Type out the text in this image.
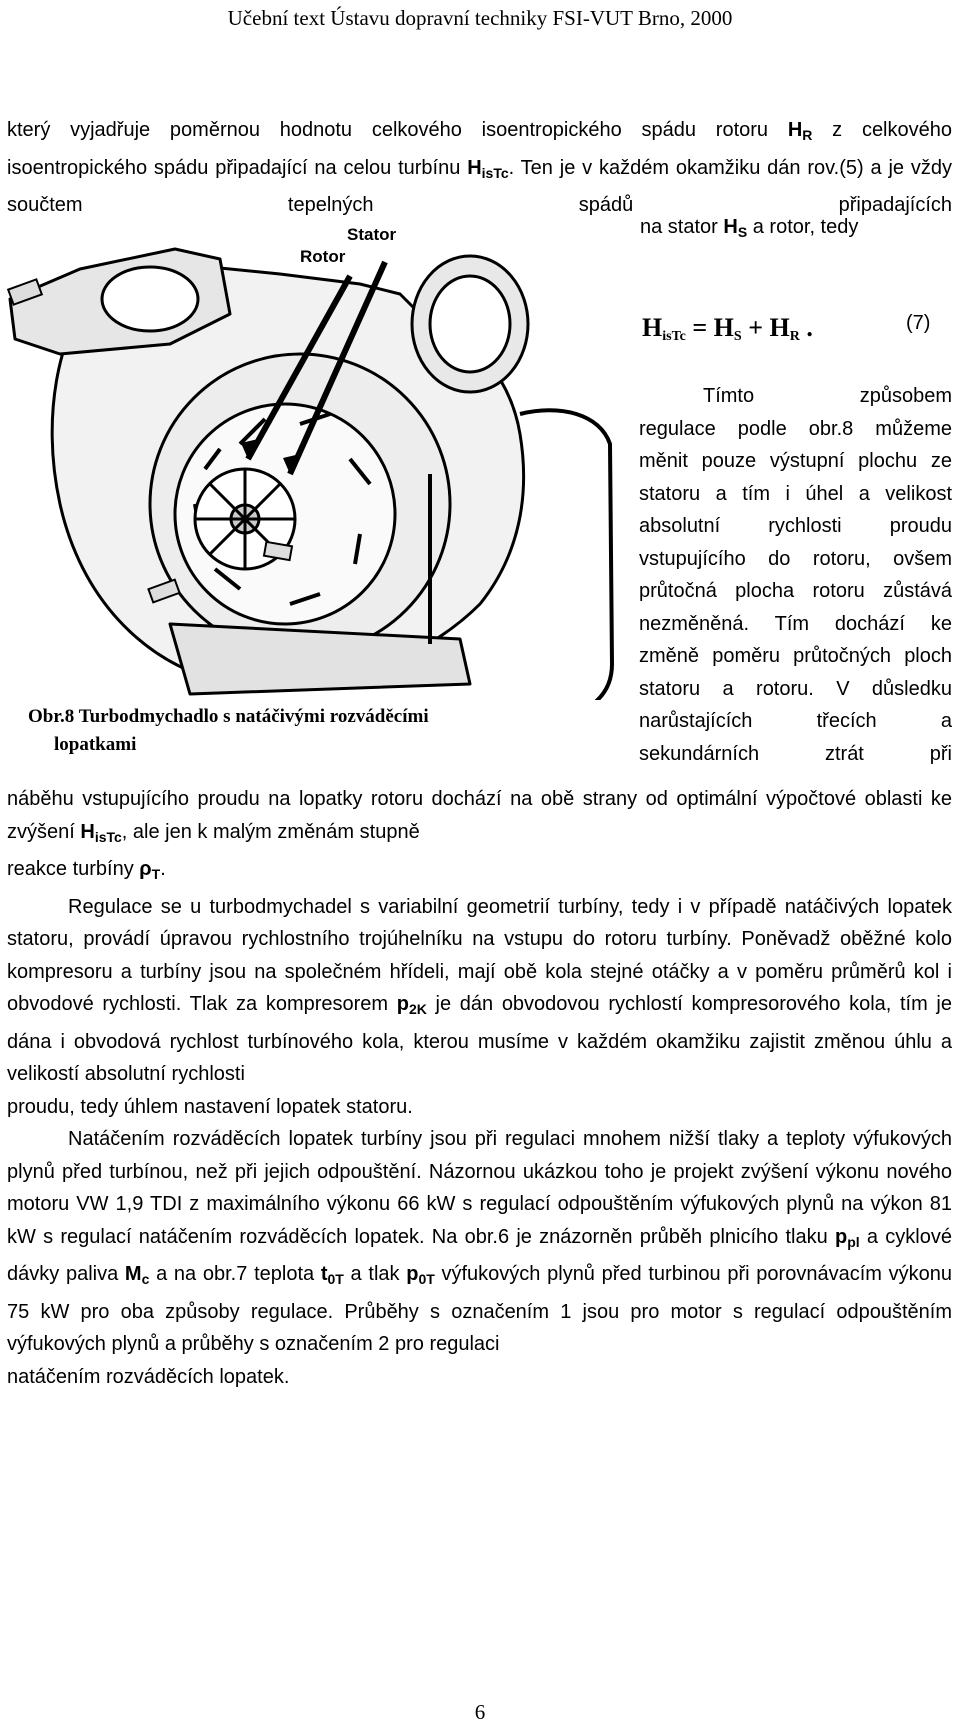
Učební text Ústavu dopravní techniky FSI-VUT Brno, 2000
který vyjadřuje poměrnou hodnotu celkového isoentropického spádu rotoru $H_R$ z celkového isoentropického spádu připadající na celou turbínu $H_{isTc}$. Ten je v každém okamžiku dán rov.(5) a je vždy součtem tepelných spádů připadajících
na stator $H_S$ a rotor, tedy
$H_{isTc} = H_S + H_R$ .	(7)
Tímto způsobem
regulace podle obr.8 můžeme měnit pouze výstupní plochu ze statoru a tím i úhel a velikost absolutní rychlosti proudu vstupujícího do rotoru, ovšem průtočná plocha rotoru zůstává nezměněná. Tím dochází ke změně poměru průtočných ploch statoru a rotoru. V důsledku narůstajících třecích a sekundárních ztrát při
Stator
Rotor
Obr.8 Turbodmychadlo s natáčivými rozváděcími
lopatkami

náběhu vstupujícího proudu na lopatky rotoru dochází na obě strany od optimální výpočtové oblasti ke zvýšení $H_{isTc}$, ale jen k malým změnám stupně
reakce turbíny $\rho_T$.

Regulace se u turbodmychadel s variabilní geometrií turbíny, tedy i v případě natáčivých lopatek statoru, provádí úpravou rychlostního trojúhelníku na vstupu do rotoru turbíny. Poněvadž oběžné kolo kompresoru a turbíny jsou na společném hřídeli, mají obě kola stejné otáčky a v poměru průměrů kol i obvodové rychlosti. Tlak za kompresorem $p_{2K}$ je dán obvodovou rychlostí kompresorového kola, tím je dána i obvodová rychlost turbínového kola, kterou musíme v každém okamžiku zajistit změnou úhlu a velikostí absolutní rychlosti
proudu, tedy úhlem nastavení lopatek statoru.

Natáčením rozváděcích lopatek turbíny jsou při regulaci mnohem nižší tlaky a teploty výfukových plynů před turbínou, než při jejich odpouštění. Názornou ukázkou toho je projekt zvýšení výkonu nového motoru VW 1,9 TDI z maximálního výkonu 66 kW s regulací odpouštěním výfukových plynů na výkon 81 kW s regulací natáčením rozváděcích lopatek. Na obr.6 je znázorněn průběh plnicího tlaku $p_{pl}$ a cyklové dávky paliva $M_c$ a na obr.7 teplota $t_{0T}$ a tlak $p_{0T}$ výfukových plynů před turbinou při porovnávacím výkonu 75 kW pro oba způsoby regulace. Průběhy s označením 1 jsou pro motor s regulací odpouštěním výfukových plynů a průběhy s označením 2 pro regulaci
natáčením rozváděcích lopatek.

6
